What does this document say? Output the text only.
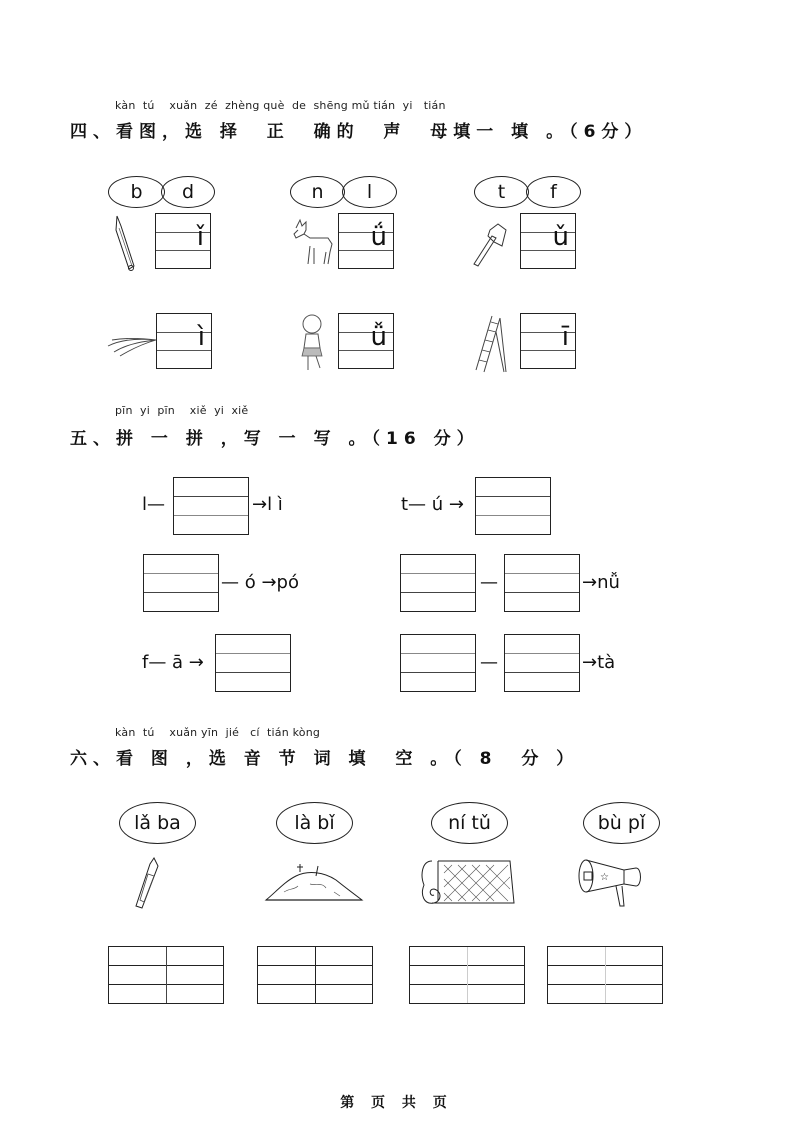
kàn  tú    xuǎn  zé  zhèng què  de  shēng mǔ tián  yi   tián
四、看图，选 择  正  确的  声  母填一 填 。（6分）
b	d
ǐ
n	l
ǘ
t	f
ǔ
ì	ǚ	ī
pīn  yi  pīn    xiě  yi  xiě
五、拼 一 拼 ，写 一 写 。（16 分）
l—	→l ì	t— ú →
— ó →pó	—	→nǚ
f— ā →	—	→tà
kàn  tú    xuǎn yīn  jié   cí  tián kòng
六、看 图 ，选 音 节 词 填  空 。（ 8  分 ）
lǎ ba	là bǐ	ní tǔ	bù pǐ
☆
第 页 共 页
